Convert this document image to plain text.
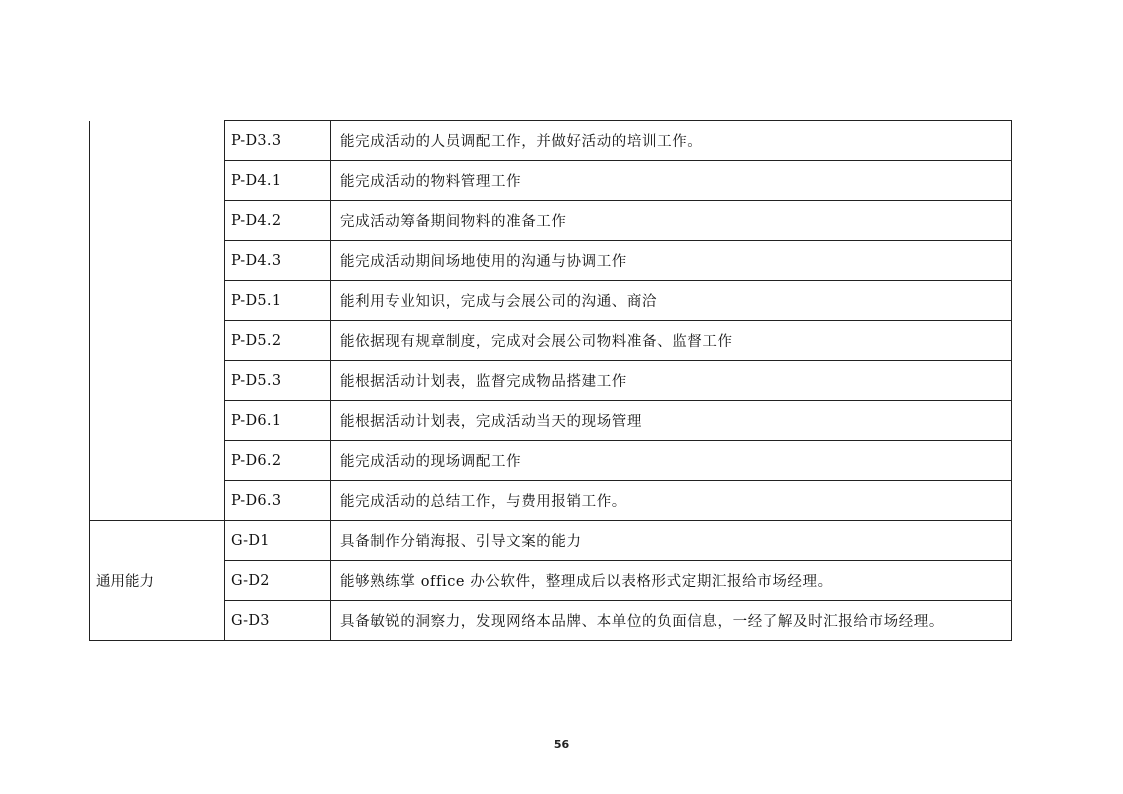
	P-D3.3	能完成活动的人员调配工作，并做好活动的培训工作。
	P-D4.1	能完成活动的物料管理工作
	P-D4.2	完成活动筹备期间物料的准备工作
	P-D4.3	能完成活动期间场地使用的沟通与协调工作
	P-D5.1	能利用专业知识，完成与会展公司的沟通、商洽
	P-D5.2	能依据现有规章制度，完成对会展公司物料准备、监督工作
	P-D5.3	能根据活动计划表，监督完成物品搭建工作
	P-D6.1	能根据活动计划表，完成活动当天的现场管理
	P-D6.2	能完成活动的现场调配工作
	P-D6.3	能完成活动的总结工作，与费用报销工作。
通用能力	G-D1	具备制作分销海报、引导文案的能力
	G-D2	能够熟练掌 office 办公软件，整理成后以表格形式定期汇报给市场经理。
	G-D3	具备敏锐的洞察力，发现网络本品牌、本单位的负面信息，一经了解及时汇报给市场经理。
56
